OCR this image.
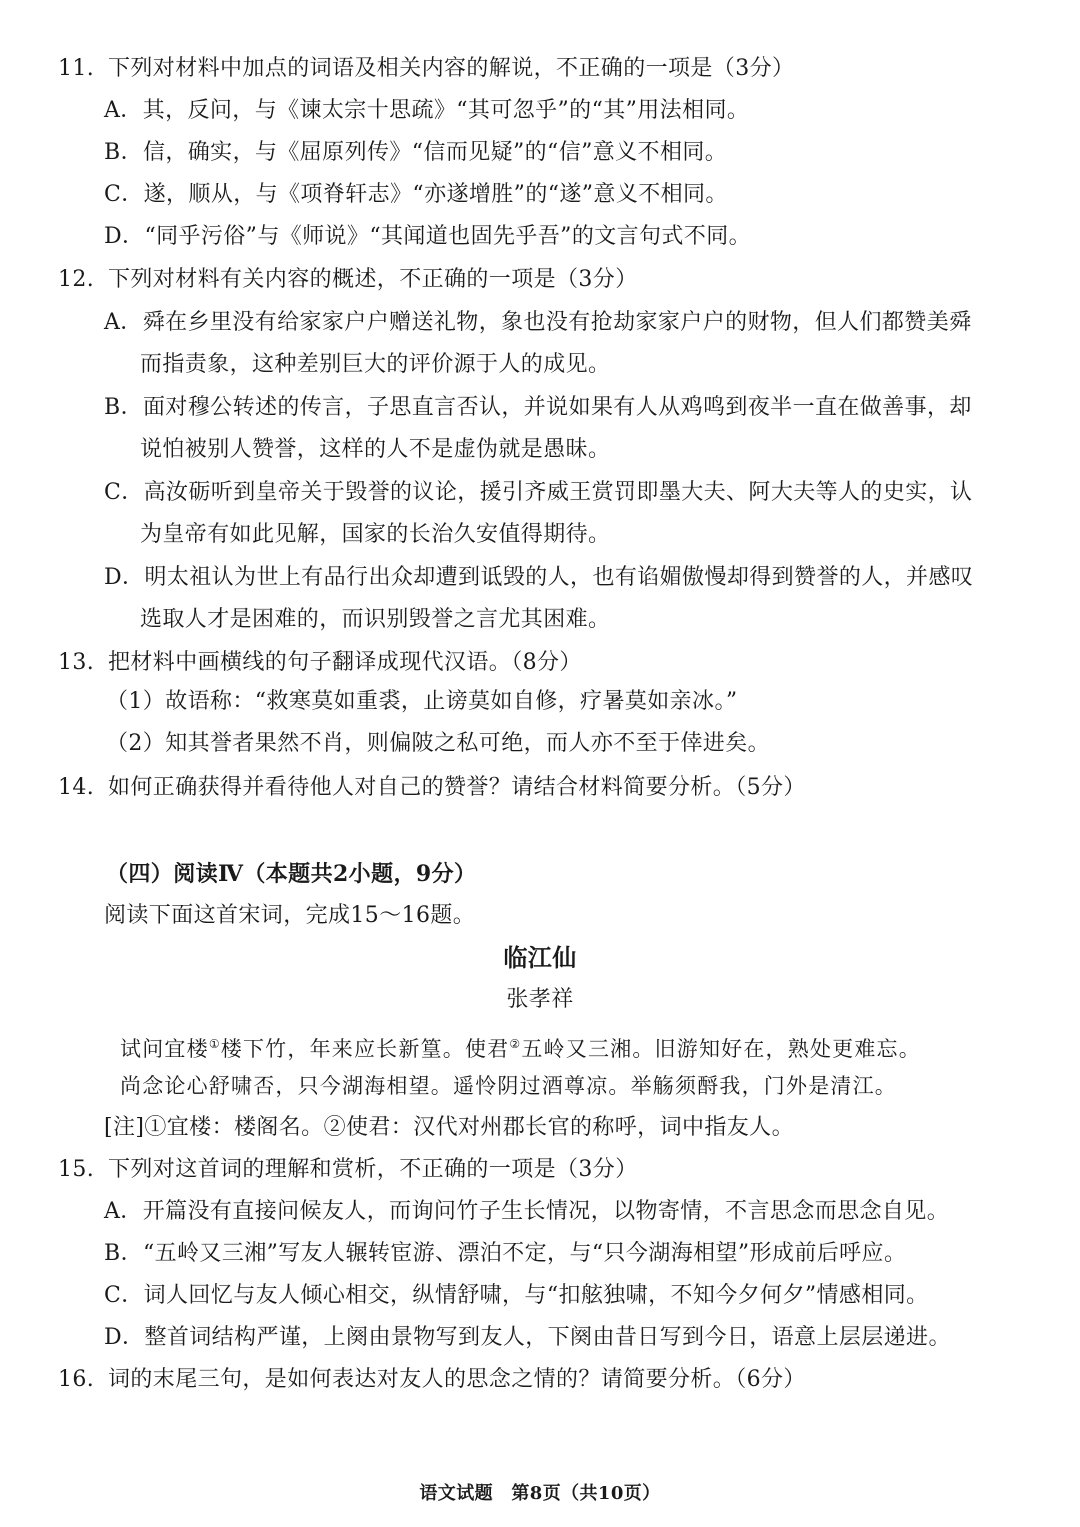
11. 下列对材料中加点的词语及相关内容的解说，不正确的一项是（3分）
A．其，反问，与《谏太宗十思疏》“其可忽乎”的“其”用法相同。
B．信，确实，与《屈原列传》“信而见疑”的“信”意义不相同。
C．遂，顺从，与《项脊轩志》“亦遂增胜”的“遂”意义不相同。
D．“同乎污俗”与《师说》“其闻道也固先乎吾”的文言句式不同。
12. 下列对材料有关内容的概述，不正确的一项是（3分）
A．舜在乡里没有给家家户户赠送礼物，象也没有抢劫家家户户的财物，但人们都赞美舜
而指责象，这种差别巨大的评价源于人的成见。
B．面对穆公转述的传言，子思直言否认，并说如果有人从鸡鸣到夜半一直在做善事，却
说怕被别人赞誉，这样的人不是虚伪就是愚昧。
C．高汝砺听到皇帝关于毁誉的议论，援引齐威王赏罚即墨大夫、阿大夫等人的史实，认
为皇帝有如此见解，国家的长治久安值得期待。
D．明太祖认为世上有品行出众却遭到诋毁的人，也有谄媚傲慢却得到赞誉的人，并感叹
选取人才是困难的，而识别毁誉之言尤其困难。
13. 把材料中画横线的句子翻译成现代汉语。（8分）
（1）故语称：“救寒莫如重裘，止谤莫如自修，疗暑莫如亲冰。”
（2）知其誉者果然不肖，则偏陂之私可绝，而人亦不至于倖进矣。
14. 如何正确获得并看待他人对自己的赞誉？请结合材料简要分析。（5分）
（四）阅读Ⅳ（本题共2小题，9分）
阅读下面这首宋词，完成15～16题。
临江仙
张孝祥
试问宜楼①楼下竹，年来应长新篁。使君②五岭又三湘。旧游知好在，熟处更难忘。
尚念论心舒啸否，只今湖海相望。遥怜阴过酒尊凉。举觞须酹我，门外是清江。
[注]①宜楼：楼阁名。②使君：汉代对州郡长官的称呼，词中指友人。
15. 下列对这首词的理解和赏析，不正确的一项是（3分）
A．开篇没有直接问候友人，而询问竹子生长情况，以物寄情，不言思念而思念自见。
B．“五岭又三湘”写友人辗转宦游、漂泊不定，与“只今湖海相望”形成前后呼应。
C．词人回忆与友人倾心相交，纵情舒啸，与“扣舷独啸，不知今夕何夕”情感相同。
D．整首词结构严谨，上阕由景物写到友人，下阕由昔日写到今日，语意上层层递进。
16. 词的末尾三句，是如何表达对友人的思念之情的？请简要分析。（6分）
语文试题　第8页（共10页）
